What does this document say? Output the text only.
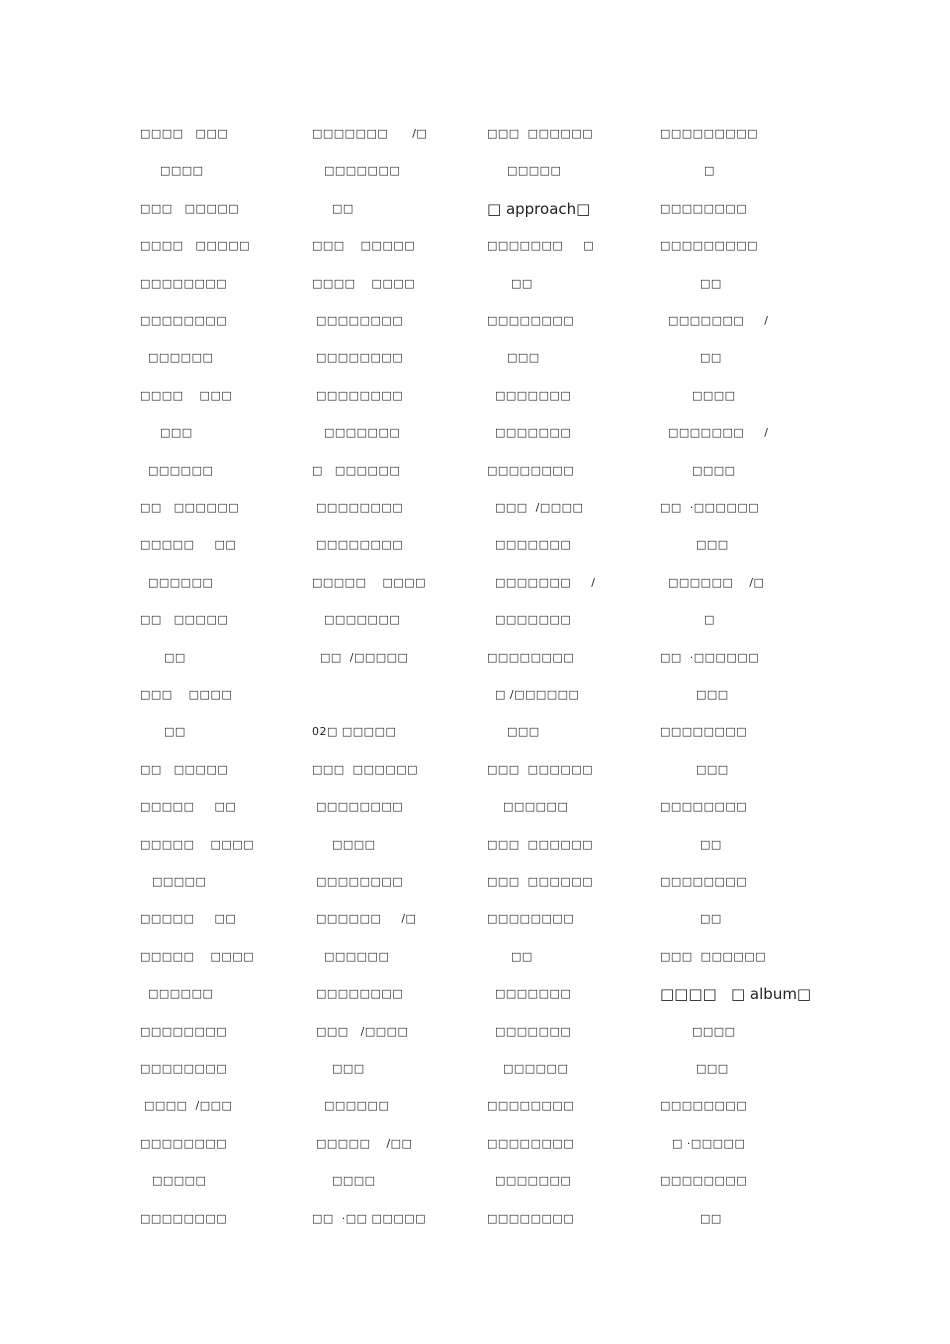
□□□□   □□□
□□□□
□□□   □□□□□
□□□□   □□□□□
□□□□□□□□
□□□□□□□□
□□□□□□
□□□□    □□□
□□□
□□□□□□
□□   □□□□□□
□□□□□     □□
□□□□□□
□□   □□□□□
□□
□□□    □□□□
□□
□□   □□□□□
□□□□□     □□
□□□□□    □□□□
□□□□□
□□□□□     □□
□□□□□    □□□□
□□□□□□
□□□□□□□□
□□□□□□□□
□□□□  /□□□
□□□□□□□□
□□□□□
□□□□□□□□
□□□□□□□      /□
□□□□□□□
□□
□□□    □□□□□
□□□□    □□□□
□□□□□□□□
□□□□□□□□
□□□□□□□□
□□□□□□□
□   □□□□□□
□□□□□□□□
□□□□□□□□
□□□□□    □□□□
□□□□□□□
□□  /□□□□□
02□ □□□□□
□□□  □□□□□□
□□□□□□□□
□□□□
□□□□□□□□
□□□□□□     /□
□□□□□□
□□□□□□□□
□□□   /□□□□
□□□
□□□□□□
□□□□□    /□□
□□□□
□□  ·□□ □□□□□
□□□  □□□□□□
□□□□□
□ approach□
□□□□□□□     □
□□
□□□□□□□□
□□□
□□□□□□□
□□□□□□□
□□□□□□□□
□□□  /□□□□
□□□□□□□
□□□□□□□     /
□□□□□□□
□□□□□□□□
□ /□□□□□□
□□□
□□□  □□□□□□
□□□□□□
□□□  □□□□□□
□□□  □□□□□□
□□□□□□□□
□□
□□□□□□□
□□□□□□□
□□□□□□
□□□□□□□□
□□□□□□□□
□□□□□□□
□□□□□□□□
□□□□□□□□□
□
□□□□□□□□
□□□□□□□□□
□□
□□□□□□□     /
□□
□□□□
□□□□□□□     /
□□□□
□□  ·□□□□□□
□□□
□□□□□□    /□
□
□□  ·□□□□□□
□□□
□□□□□□□□
□□□
□□□□□□□□
□□
□□□□□□□□
□□
□□□  □□□□□□
□□□□   □ album□
□□□□
□□□
□□□□□□□□
□ ·□□□□□
□□□□□□□□
□□
